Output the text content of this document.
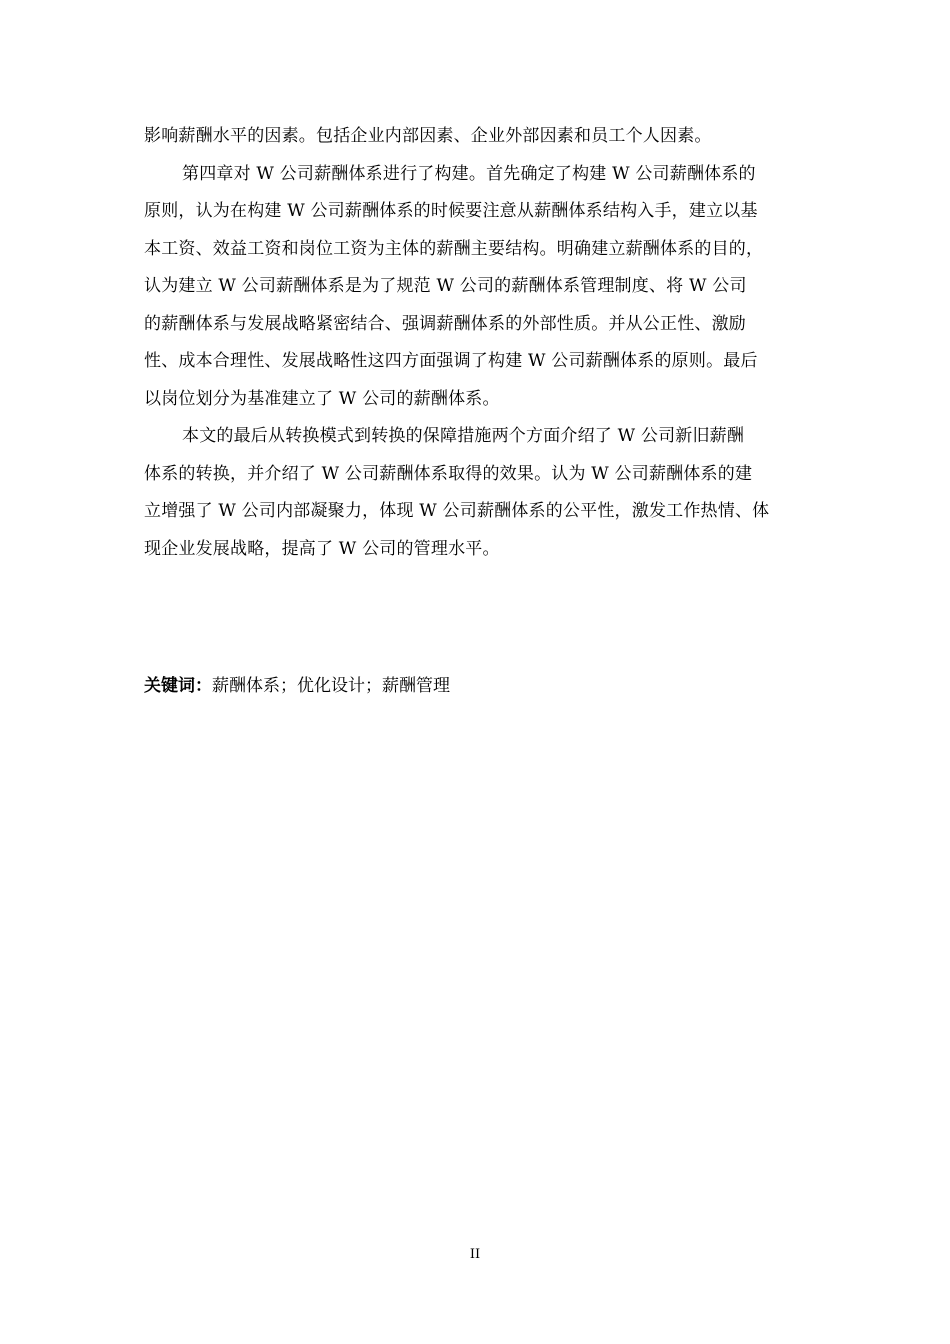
影响薪酬水平的因素。包括企业内部因素、企业外部因素和员工个人因素。
第四章对 W 公司薪酬体系进行了构建。首先确定了构建 W 公司薪酬体系的
原则，认为在构建 W 公司薪酬体系的时候要注意从薪酬体系结构入手，建立以基
本工资、效益工资和岗位工资为主体的薪酬主要结构。明确建立薪酬体系的目的，
认为建立 W 公司薪酬体系是为了规范 W 公司的薪酬体系管理制度、将 W 公司
的薪酬体系与发展战略紧密结合、强调薪酬体系的外部性质。并从公正性、激励
性、成本合理性、发展战略性这四方面强调了构建 W 公司薪酬体系的原则。最后
以岗位划分为基准建立了 W 公司的薪酬体系。
本文的最后从转换模式到转换的保障措施两个方面介绍了 W 公司新旧薪酬
体系的转换，并介绍了 W 公司薪酬体系取得的效果。认为 W 公司薪酬体系的建
立增强了 W 公司内部凝聚力，体现 W 公司薪酬体系的公平性，激发工作热情、体
现企业发展战略，提高了 W 公司的管理水平。
关键词：薪酬体系；优化设计；薪酬管理
II
